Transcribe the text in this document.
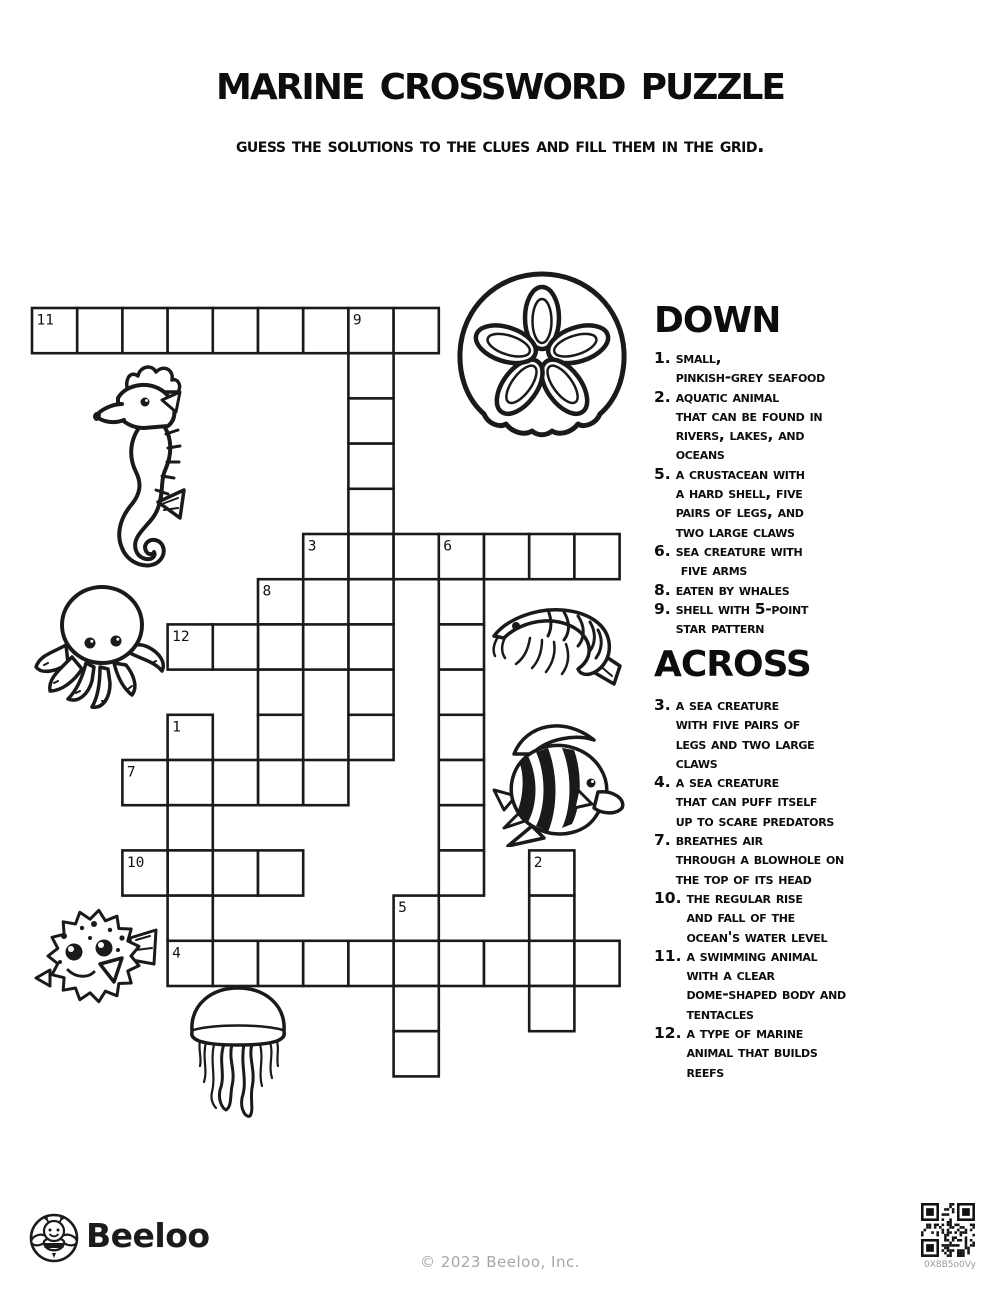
marine crossword puzzle
guess the solutions to the clues and fill them in the grid.
11	9
3	6
8
12
1
7
10	2
5
4
DOWN
1. small,
pinkish-grey seafood
2. aquatic animal
that can be found in
rivers, lakes, and
oceans
5. a crustacean with
a hard shell, five
pairs of legs, and
two large claws
6. sea creature with
five arms
8. eaten by whales
9. shell with 5-point
star pattern
ACROSS
3. a sea creature
with five pairs of
legs and two large
claws
4. a sea creature
that can puff itself
up to scare predators
7. breathes air
through a blowhole on
the top of its head
10. the regular rise
and fall of the
ocean's water level
11. a swimming animal
with a clear
dome-shaped body and
tentacles
12. a type of marine
animal that builds
reefs
Beeloo
© 2023 Beeloo, Inc.	0X8B5o0Vy
